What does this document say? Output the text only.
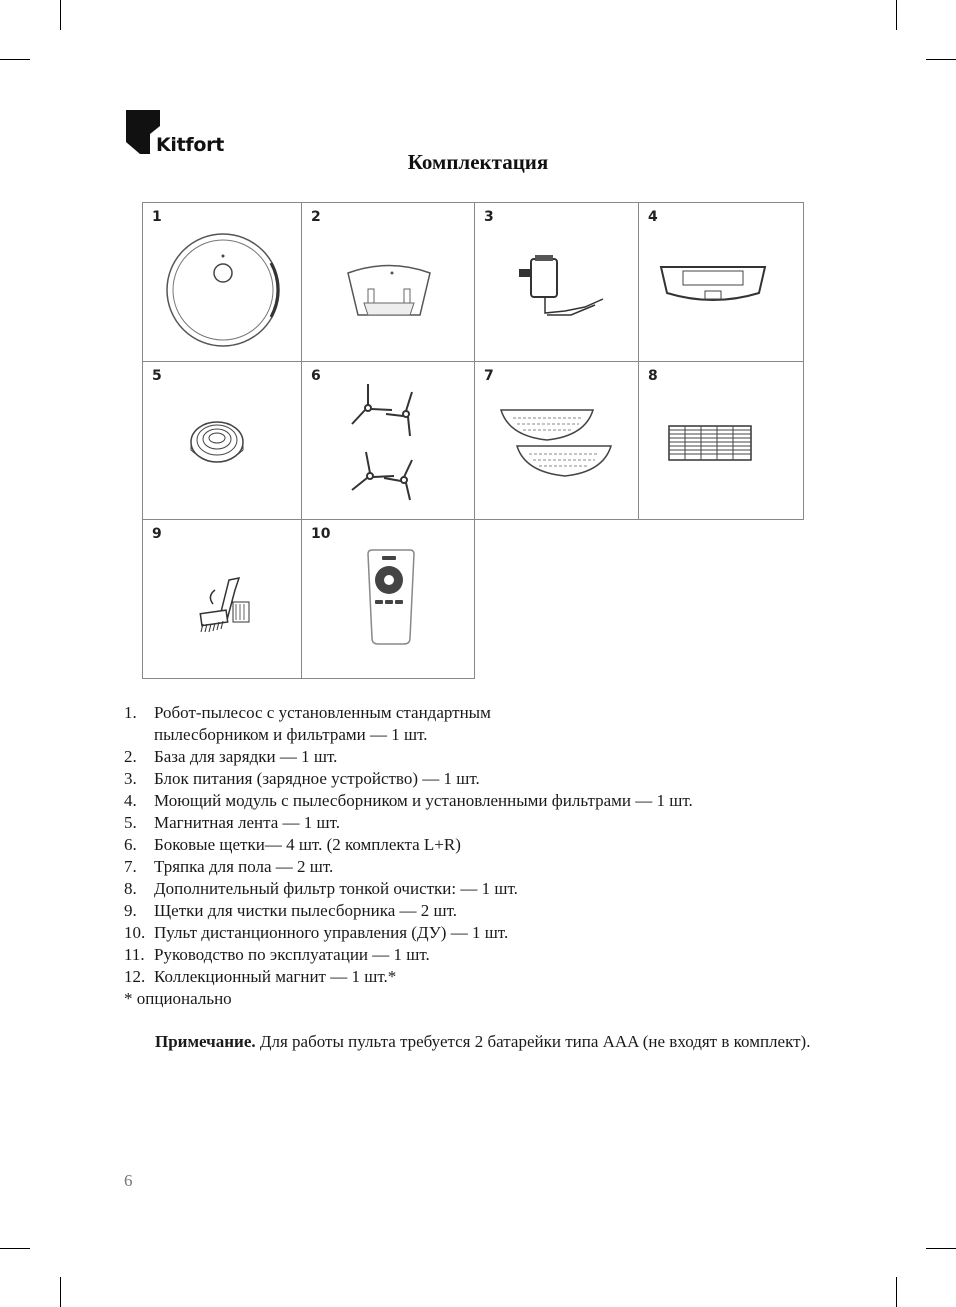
Kitfort
Комплектация
1	2	3	4
5	6	7	8
9	10
1.	Робот-пылесос с установленным стандартным
пылесборником и фильтрами — 1 шт.
2.	База для зарядки — 1 шт.
3.	Блок питания (зарядное устройство) — 1 шт.
4.	Моющий модуль с пылесборником и установленными фильтрами — 1 шт.
5.	Магнитная лента — 1 шт.
6.	Боковые щетки— 4 шт. (2 комплекта L+R)
7.	Тряпка для пола — 2 шт.
8.	Дополнительный фильтр тонкой очистки: — 1 шт.
9.	Щетки для чистки пылесборника — 2 шт.
10. Пульт дистанционного управления (ДУ) — 1 шт.
11. Руководство по эксплуатации — 1 шт.
12. Коллекционный магнит — 1 шт.*
* опционально
Примечание. Для работы пульта требуется 2 батарейки типа AAA (не входят в комплект).
6
